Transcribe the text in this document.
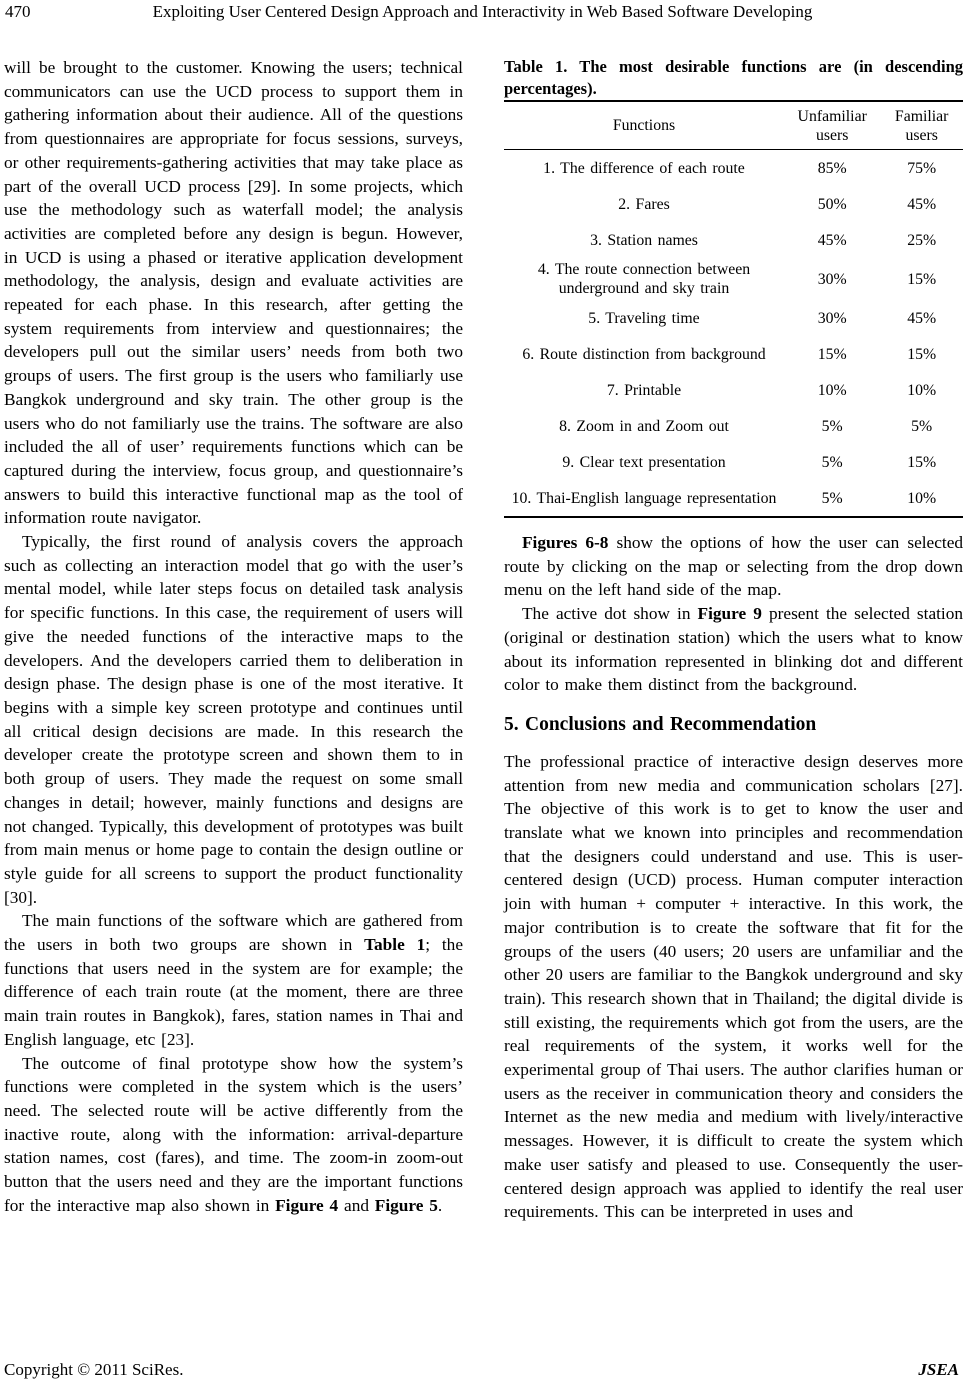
470	Exploiting User Centered Design Approach and Interactivity in Web Based Software Developing

will be brought to the customer. Knowing the users; technical communicators can use the UCD process to support them in gathering information about their audience. All of the questions from questionnaires are appropriate for focus sessions, surveys, or other requirements-gathering activities that may take place as part of the overall UCD process [29]. In some projects, which use the methodology such as waterfall model; the analysis activities are completed before any design is begun. However, in UCD is using a phased or iterative application development methodology, the analysis, design and evaluate activities are repeated for each phase. In this research, after getting the system requirements from interview and questionnaires; the developers pull out the similar users’ needs from both two groups of users. The first group is the users who familiarly use Bangkok underground and sky train. The other group is the users who do not familiarly use the trains. The software are also included the all of user’ requirements functions which can be captured during the interview, focus group, and questionnaire’s answers to build this interactive functional map as the tool of information route navigator.

Typically, the first round of analysis covers the approach such as collecting an interaction model that go with the user’s mental model, while later steps focus on detailed task analysis for specific functions. In this case, the requirement of users will give the needed functions of the interactive maps to the developers. And the developers carried them to deliberation in design phase. The design phase is one of the most iterative. It begins with a simple key screen prototype and continues until all critical design decisions are made. In this research the developer create the prototype screen and shown them to in both group of users. They made the request on some small changes in detail; however, mainly functions and designs are not changed. Typically, this development of prototypes was built from main menus or home page to contain the design outline or style guide for all screens to support the product functionality [30].

The main functions of the software which are gathered from the users in both two groups are shown in Table 1; the functions that users need in the system are for example; the difference of each train route (at the moment, there are three main train routes in Bangkok), fares, station names in Thai and English language, etc [23].

The outcome of final prototype show how the system’s functions were completed in the system which is the users’ need. The selected route will be active differently from the inactive route, along with the information: arrival-departure station names, cost (fares), and time. The zoom-in zoom-out button that the users need and they are the important functions for the interactive map also shown in Figure 4 and Figure 5.

Table 1. The most desirable functions are (in descending percentages).

Functions	Unfamiliar users	Familiar users
1. The difference of each route	85%	75%
2. Fares	50%	45%
3. Station names	45%	25%
4. The route connection between underground and sky train	30%	15%
5. Traveling time	30%	45%
6. Route distinction from background	15%	15%
7. Printable	10%	10%
8. Zoom in and Zoom out	5%	5%
9. Clear text presentation	5%	15%
10. Thai-English language representation	5%	10%

Figures 6-8 show the options of how the user can selected route by clicking on the map or selecting from the drop down menu on the left hand side of the map.

The active dot show in Figure 9 present the selected station (original or destination station) which the users what to know about its information represented in blinking dot and different color to make them distinct from the background.

5. Conclusions and Recommendation

The professional practice of interactive design deserves more attention from new media and communication scholars [27]. The objective of this work is to get to know the user and translate what we known into principles and recommendation that the designers could understand and use. This is user-centered design (UCD) process. Human computer interaction join with human + computer + interactive. In this work, the major contribution is to create the software that fit for the groups of the users (40 users; 20 users are unfamiliar and the other 20 users are familiar to the Bangkok underground and sky train). This research shown that in Thailand; the digital divide is still existing, the requirements which got from the users, are the real requirements of the system, it works well for the experimental group of Thai users. The author clarifies human or users as the receiver in communication theory and considers the Internet as the new media and medium with lively/interactive messages. However, it is difficult to create the system which make user satisfy and pleased to use. Consequently the user-centered design approach was applied to identify the real user requirements. This can be interpreted in uses and

Copyright © 2011 SciRes.	JSEA
